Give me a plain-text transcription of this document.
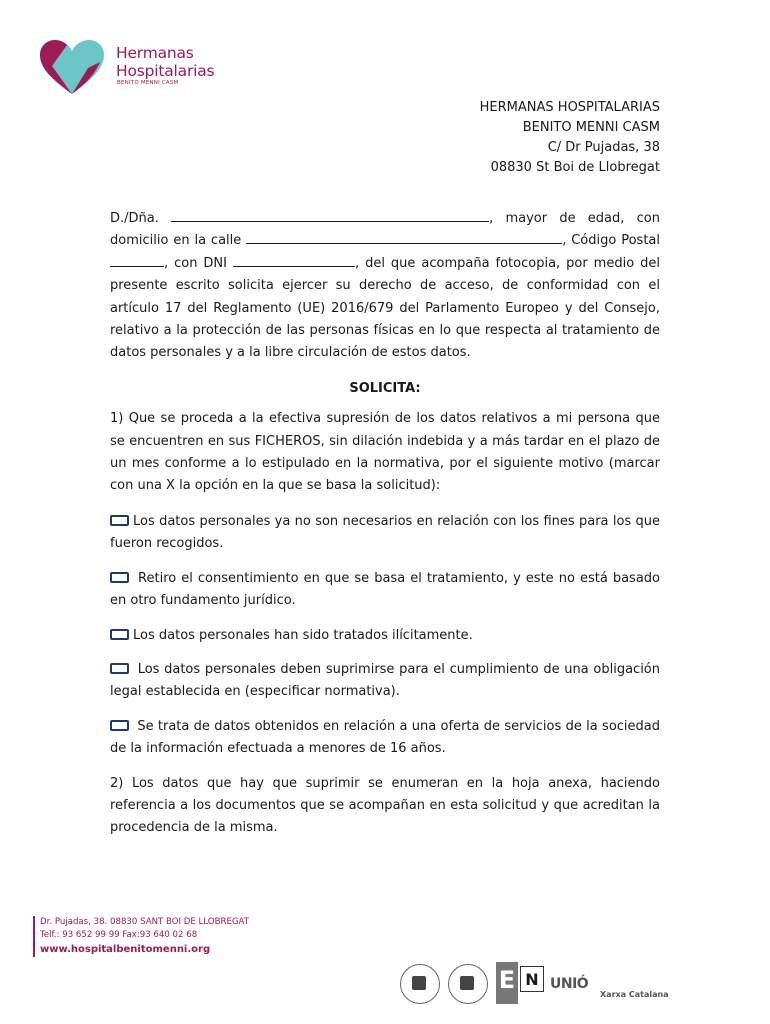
Hermanas
Hospitalarias
BENITO MENNI CASM
HERMANAS HOSPITALARIAS
BENITO MENNI CASM
C/ Dr Pujadas, 38
08830 St Boi de Llobregat

D./Dña.	, mayor de edad, con domicilio en la calle	, Código Postal , con DNI	, del que acompaña fotocopia, por medio del presente escrito solicita ejercer su derecho de acceso, de conformidad con el artículo 17 del Reglamento (UE) 2016/679 del Parlamento Europeo y del Consejo, relativo a la protección de las personas físicas en lo que respecta al tratamiento de datos personales y a la libre circulación de estos datos.

SOLICITA:

1) Que se proceda a la efectiva supresión de los datos relativos a mi persona que se encuentren en sus FICHEROS, sin dilación indebida y a más tardar en el plazo de un mes conforme a lo estipulado en la normativa, por el siguiente motivo (marcar con una X la opción en la que se basa la solicitud):

Los datos personales ya no son necesarios en relación con los fines para los que fueron recogidos.

Retiro el consentimiento en que se basa el tratamiento, y este no está basado en otro fundamento jurídico.

Los datos personales han sido tratados ilícitamente.

Los datos personales deben suprimirse para el cumplimiento de una obligación legal establecida en (especificar normativa).

Se trata de datos obtenidos en relación a una oferta de servicios de la sociedad de la información efectuada a menores de 16 años.

2) Los datos que hay que suprimir se enumeran en la hoja anexa, haciendo referencia a los documentos que se acompañan en esta solicitud y que acreditan la procedencia de la misma.

Dr. Pujadas, 38. 08830 SANT BOI DE LLOBREGAT
Telf.: 93 652 99 99 Fax:93 640 02 68
www.hospitalbenitomenni.org
E N UNIÓ
Xarxa Catalana
